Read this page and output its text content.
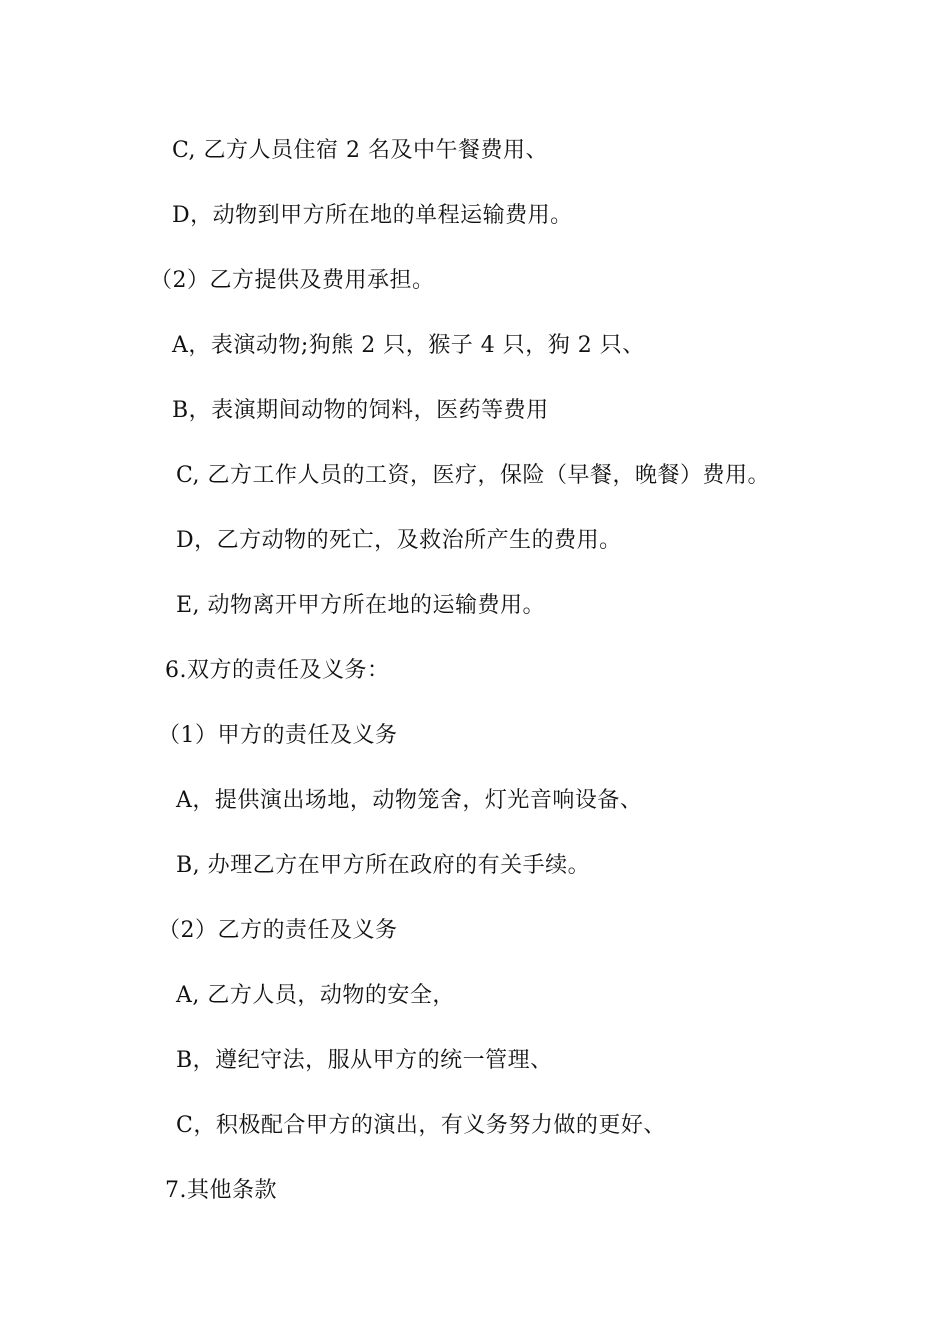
C, 乙方人员住宿 2 名及中午餐费用、
D，动物到甲方所在地的单程运输费用。
（2）乙方提供及费用承担。
A，表演动物;狗熊 2 只，猴子 4 只，狗 2 只、
B，表演期间动物的饲料，医药等费用
C, 乙方工作人员的工资，医疗，保险（早餐，晚餐）费用。
D，乙方动物的死亡，及救治所产生的费用。
E, 动物离开甲方所在地的运输费用。
6.双方的责任及义务：
（1）甲方的责任及义务
A，提供演出场地，动物笼舍，灯光音响设备、
B, 办理乙方在甲方所在政府的有关手续。
（2）乙方的责任及义务
A, 乙方人员，动物的安全，
B，遵纪守法，服从甲方的统一管理、
C，积极配合甲方的演出，有义务努力做的更好、
7.其他条款
